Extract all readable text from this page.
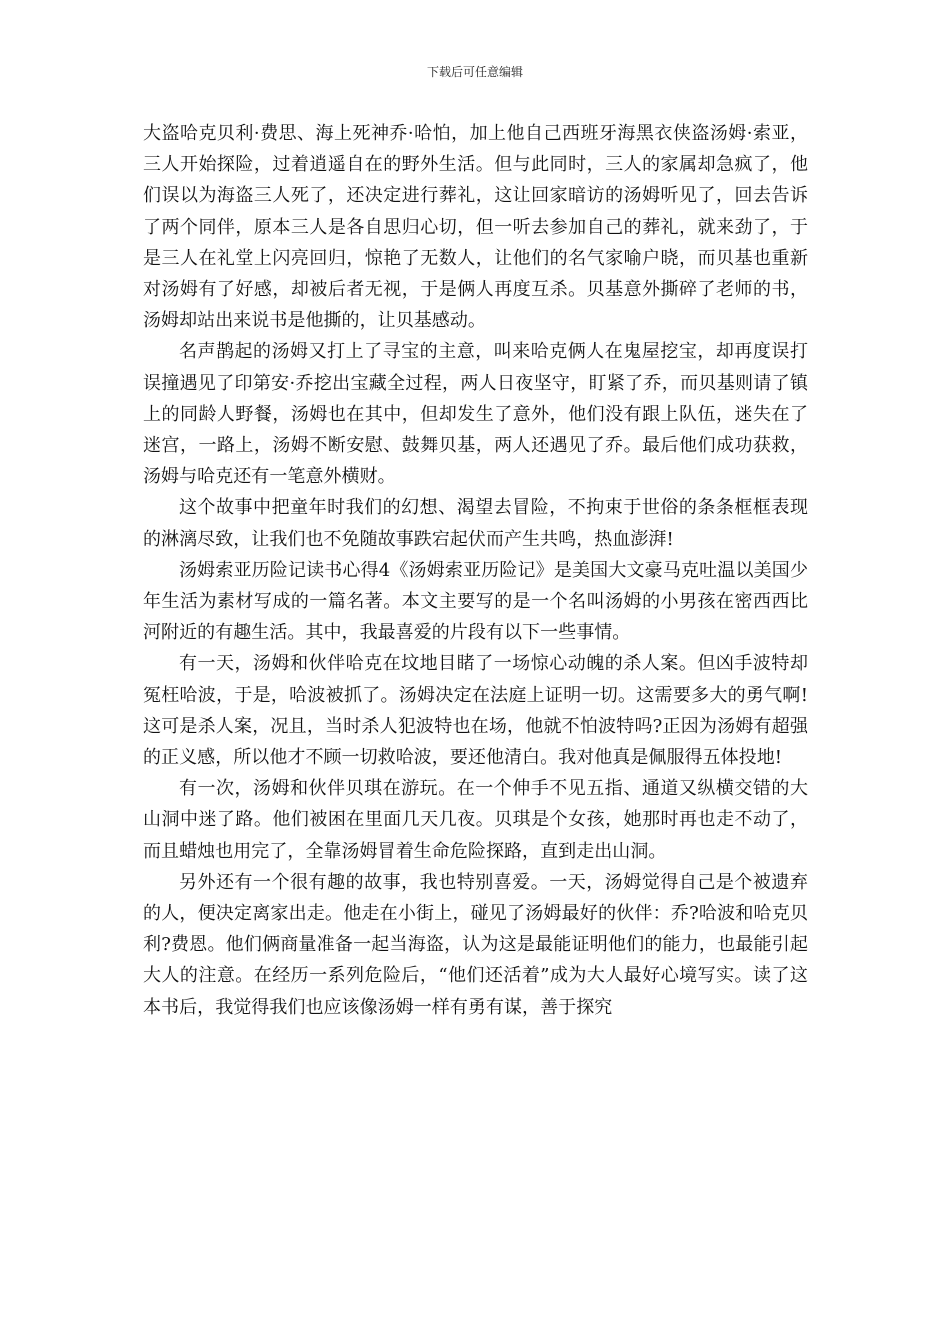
下载后可任意编辑

大盗哈克贝利·费思、海上死神乔·哈怕，加上他自己西班牙海黑衣侠盗汤姆·索亚，三人开始探险，过着逍遥自在的野外生活。但与此同时，三人的家属却急疯了，他们误以为海盗三人死了，还决定进行葬礼，这让回家暗访的汤姆听见了，回去告诉了两个同伴，原本三人是各自思归心切，但一听去参加自己的葬礼，就来劲了，于是三人在礼堂上闪亮回归，惊艳了无数人，让他们的名气家喻户晓，而贝基也重新对汤姆有了好感，却被后者无视，于是俩人再度互杀。贝基意外撕碎了老师的书，汤姆却站出来说书是他撕的，让贝基感动。

名声鹊起的汤姆又打上了寻宝的主意，叫来哈克俩人在鬼屋挖宝，却再度误打误撞遇见了印第安·乔挖出宝藏全过程，两人日夜坚守，盯紧了乔，而贝基则请了镇上的同龄人野餐，汤姆也在其中，但却发生了意外，他们没有跟上队伍，迷失在了迷宫，一路上，汤姆不断安慰、鼓舞贝基，两人还遇见了乔。最后他们成功获救，汤姆与哈克还有一笔意外横财。

这个故事中把童年时我们的幻想、渴望去冒险，不拘束于世俗的条条框框表现的淋漓尽致，让我们也不免随故事跌宕起伏而产生共鸣，热血澎湃!

汤姆索亚历险记读书心得4《汤姆索亚历险记》是美国大文豪马克吐温以美国少年生活为素材写成的一篇名著。本文主要写的是一个名叫汤姆的小男孩在密西西比河附近的有趣生活。其中，我最喜爱的片段有以下一些事情。

有一天，汤姆和伙伴哈克在坟地目睹了一场惊心动魄的杀人案。但凶手波特却冤枉哈波，于是，哈波被抓了。汤姆决定在法庭上证明一切。这需要多大的勇气啊!这可是杀人案，况且，当时杀人犯波特也在场，他就不怕波特吗?正因为汤姆有超强的正义感，所以他才不顾一切救哈波，要还他清白。我对他真是佩服得五体投地!

有一次，汤姆和伙伴贝琪在游玩。在一个伸手不见五指、通道又纵横交错的大山洞中迷了路。他们被困在里面几天几夜。贝琪是个女孩，她那时再也走不动了，而且蜡烛也用完了，全靠汤姆冒着生命危险探路，直到走出山洞。

另外还有一个很有趣的故事，我也特别喜爱。一天，汤姆觉得自己是个被遗弃的人，便决定离家出走。他走在小街上，碰见了汤姆最好的伙伴：乔?哈波和哈克贝利?费恩。他们俩商量准备一起当海盗，认为这是最能证明他们的能力，也最能引起大人的注意。在经历一系列危险后，“他们还活着”成为大人最好心境写实。读了这本书后，我觉得我们也应该像汤姆一样有勇有谋，善于探究
